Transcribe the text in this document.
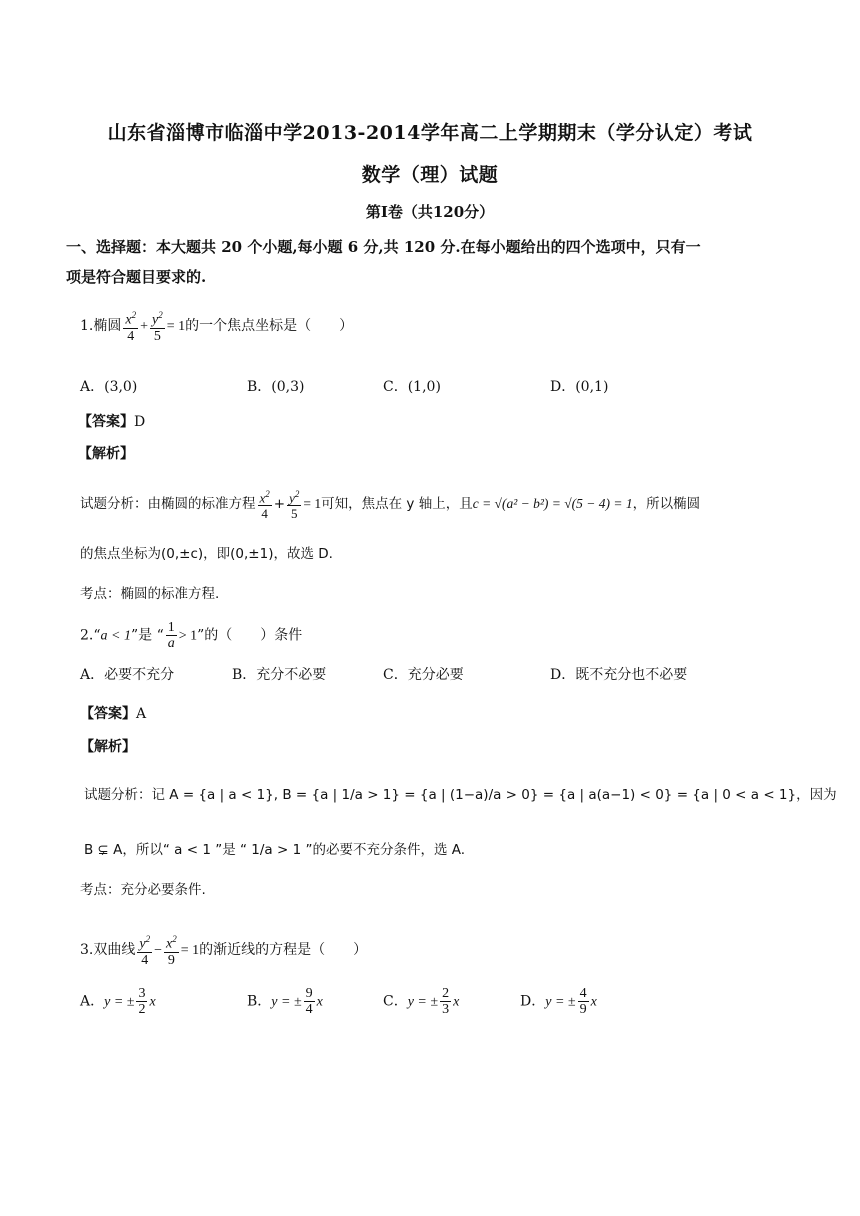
山东省淄博市临淄中学2013-2014学年高二上学期期末（学分认定）考试
数学（理）试题
第Ⅰ卷（共120分）
一、选择题：本大题共 20 个小题,每小题 6 分,共 120 分.在每小题给出的四个选项中，只有一
项是符合题目要求的.
1.椭圆 $\frac{x^2}{4} + \frac{y^2}{5} = 1$的一个焦点坐标是（　　）
A．(3,0)	B．(0,3)	C．(1,0)	D．(0,1)
【答案】D
【解析】
试题分析：由椭圆的标准方程 $\frac{x^2}{4} + \frac{y^2}{5} = 1$可知，焦点在 y 轴上，且c = √(a² − b²) = √(5 − 4) = 1，所以椭圆
的焦点坐标为(0,±c)，即(0,±1)，故选 D.
考点：椭圆的标准方程.
2.“a < 1”是 “ $\frac{1}{a} > 1$”的（　　）条件
A．必要不充分	B．充分不必要	C．充分必要	D．既不充分也不必要
【答案】A
【解析】
试题分析：记 A = {a | a < 1}, B = {a | 1/a > 1} = {a | (1−a)/a > 0} = {a | a(a−1) < 0} = {a | 0 < a < 1}，因为
B ⊊ A，所以“ a < 1 ”是 “ 1/a > 1 ”的必要不充分条件，选 A.
考点：充分必要条件.
3.双曲线 $\frac{y^2}{4} - \frac{x^2}{9} = 1$的渐近线的方程是（　　）
A．y = ± $\frac{3}{2}$ x	B．y = ± $\frac{9}{4}$ x	C．y = ± $\frac{2}{3}$ x	D．y = ± $\frac{4}{9}$ x
